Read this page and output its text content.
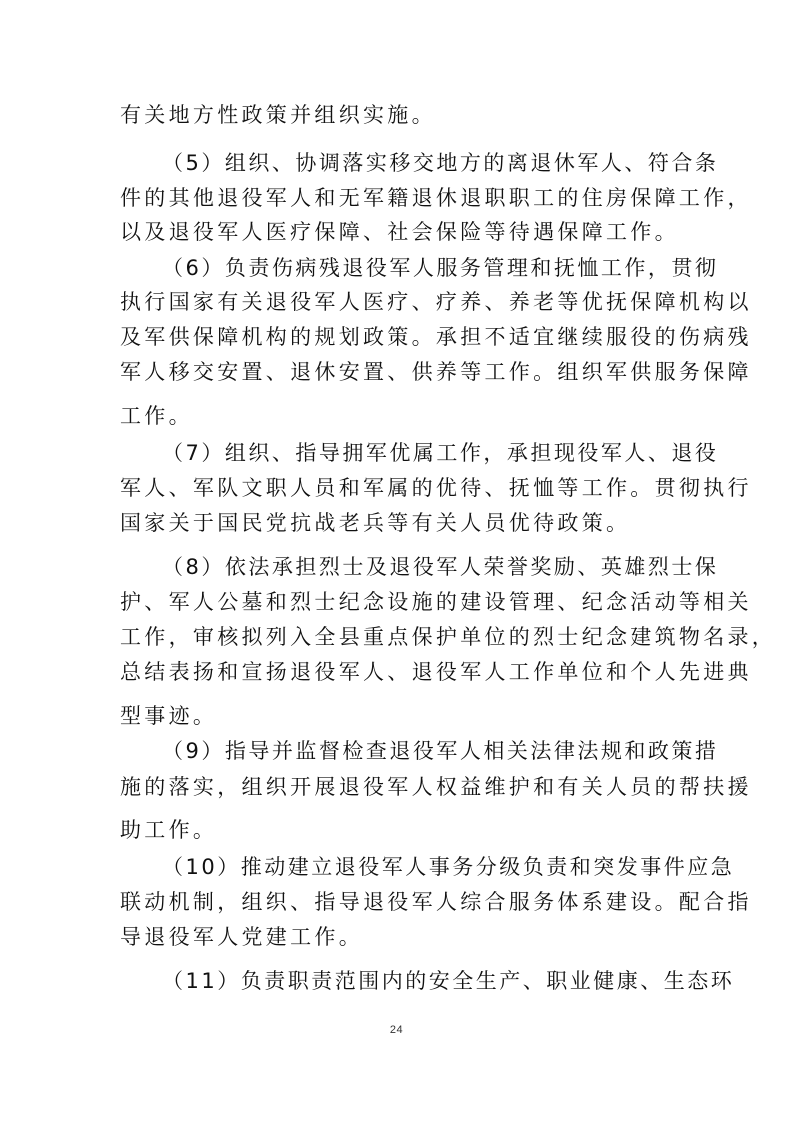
有关地方性政策并组织实施。

（5）组织、协调落实移交地方的离退休军人、符合条

件的其他退役军人和无军籍退休退职职工的住房保障工作，

以及退役军人医疗保障、社会保险等待遇保障工作。

（6）负责伤病残退役军人服务管理和抚恤工作，贯彻

执行国家有关退役军人医疗、疗养、养老等优抚保障机构以

及军供保障机构的规划政策。承担不适宜继续服役的伤病残

军人移交安置、退休安置、供养等工作。组织军供服务保障

工作。

（7）组织、指导拥军优属工作，承担现役军人、退役

军人、军队文职人员和军属的优待、抚恤等工作。贯彻执行

国家关于国民党抗战老兵等有关人员优待政策。

（8）依法承担烈士及退役军人荣誉奖励、英雄烈士保

护、军人公墓和烈士纪念设施的建设管理、纪念活动等相关

工作，审核拟列入全县重点保护单位的烈士纪念建筑物名录，

总结表扬和宣扬退役军人、退役军人工作单位和个人先进典

型事迹。

（9）指导并监督检查退役军人相关法律法规和政策措

施的落实，组织开展退役军人权益维护和有关人员的帮扶援

助工作。

（10）推动建立退役军人事务分级负责和突发事件应急

联动机制，组织、指导退役军人综合服务体系建设。配合指

导退役军人党建工作。

（11）负责职责范围内的安全生产、职业健康、生态环

24
